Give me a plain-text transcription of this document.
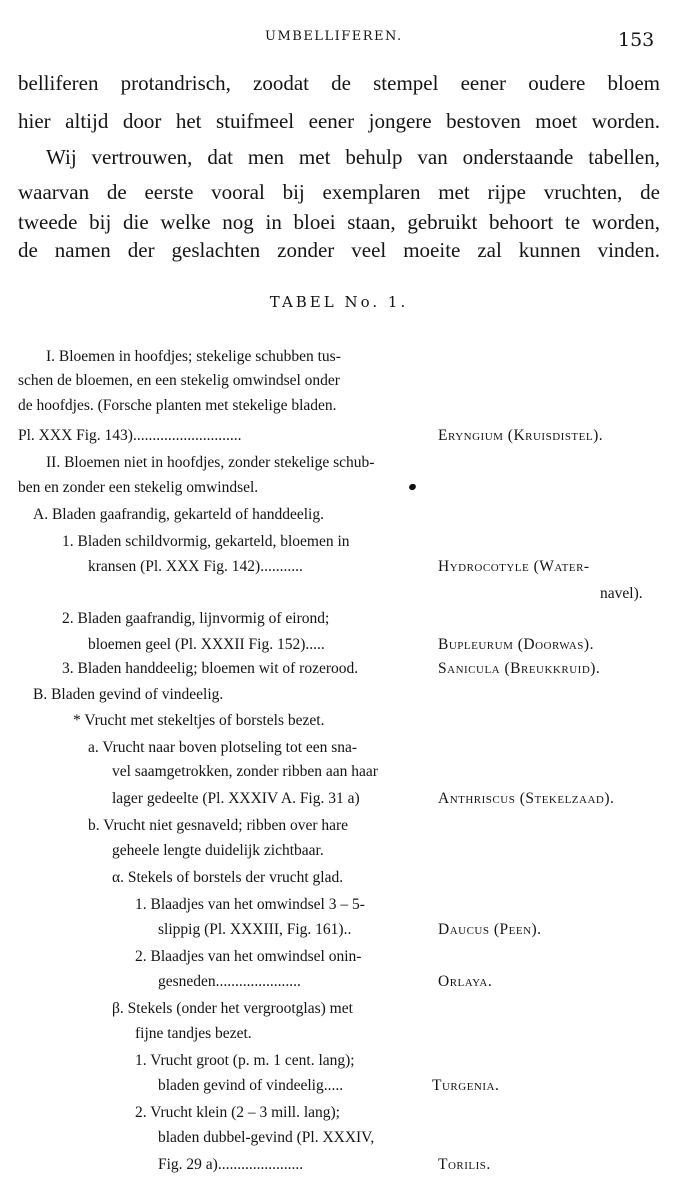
UMBELLIFEREN.	153
belliferen protandrisch, zoodat de stempel eener oudere bloem
hier altijd door het stuifmeel eener jongere bestoven moet worden.
Wij vertrouwen, dat men met behulp van onderstaande tabellen,
waarvan de eerste vooral bij exemplaren met rijpe vruchten, de
tweede bij die welke nog in bloei staan, gebruikt behoort te worden,
de namen der geslachten zonder veel moeite zal kunnen vinden.
TABEL No. 1.
I. Bloemen in hoofdjes; stekelige schubben tus-
schen de bloemen, en een stekelig omwindsel onder
de hoofdjes. (Forsche planten met stekelige bladen.
Pl. XXX Fig. 143)............................	Eryngium (Kruisdistel).
II. Bloemen niet in hoofdjes, zonder stekelige schub-
ben en zonder een stekelig omwindsel.
A. Bladen gaafrandig, gekarteld of handdeelig.
1. Bladen schildvormig, gekarteld, bloemen in
kransen (Pl. XXX Fig. 142)...........	Hydrocotyle (Water-
navel).
2. Bladen gaafrandig, lijnvormig of eirond;
bloemen geel (Pl. XXXII Fig. 152).....	Bupleurum (Doorwas).
3. Bladen handdeelig; bloemen wit of rozerood.	Sanicula (Breukkruid).
B. Bladen gevind of vindeelig.
* Vrucht met stekeltjes of borstels bezet.
a. Vrucht naar boven plotseling tot een sna-
vel saamgetrokken, zonder ribben aan haar
lager gedeelte (Pl. XXXIV A. Fig. 31 a)	Anthriscus (Stekelzaad).
b. Vrucht niet gesnaveld; ribben over hare
geheele lengte duidelijk zichtbaar.
α. Stekels of borstels der vrucht glad.
1. Blaadjes van het omwindsel 3 – 5-
slippig (Pl. XXXIII, Fig. 161)..	Daucus (Peen).
2. Blaadjes van het omwindsel onin-
gesneden......................	Orlaya.
β. Stekels (onder het vergrootglas) met
fijne tandjes bezet.
1. Vrucht groot (p. m. 1 cent. lang);
bladen gevind of vindeelig.....	Turgenia.
2. Vrucht klein (2 – 3 mill. lang);
bladen dubbel-gevind (Pl. XXXIV,
Fig. 29 a)......................	Torilis.
